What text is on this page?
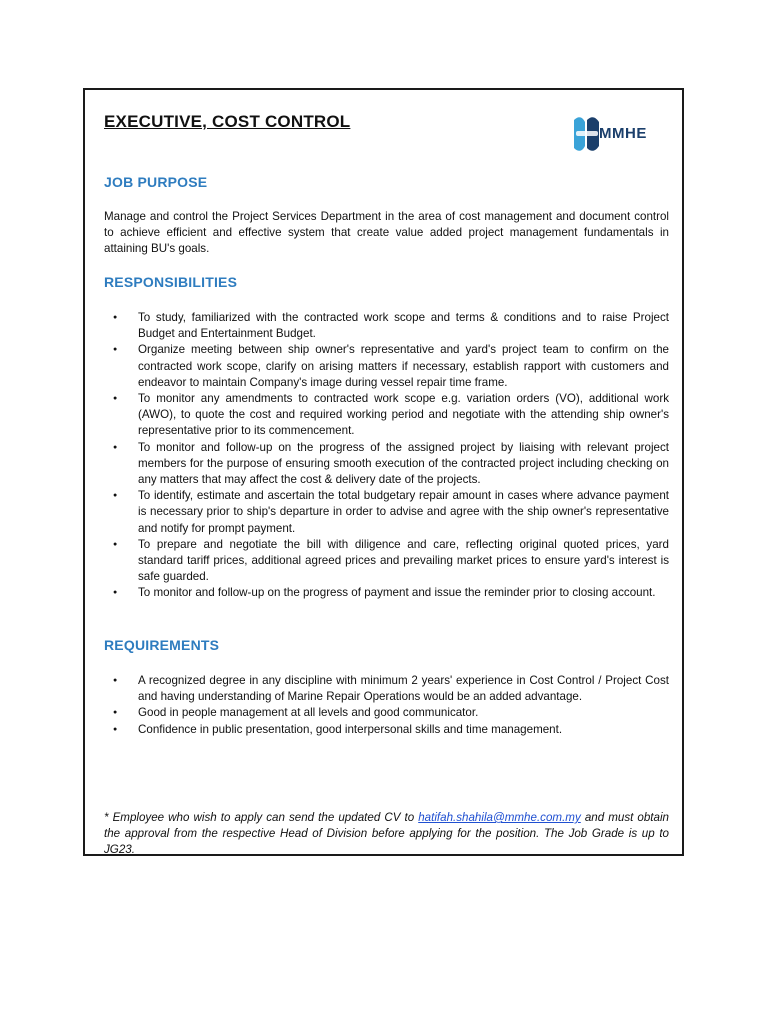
EXECUTIVE, COST CONTROL
MMHE
JOB PURPOSE

Manage and control the Project Services Department in the area of cost management and document control to achieve efficient and effective system that create value added project management fundamentals in attaining BU's goals.

RESPONSIBILITIES
● To study, familiarized with the contracted work scope and terms & conditions and to raise Project Budget and Entertainment Budget.
● Organize meeting between ship owner's representative and yard's project team to confirm on the contracted work scope, clarify on arising matters if necessary, establish rapport with customers and endeavor to maintain Company's image during vessel repair time frame.
● To monitor any amendments to contracted work scope e.g. variation orders (VO), additional work (AWO), to quote the cost and required working period and negotiate with the attending ship owner's representative prior to its commencement.
● To monitor and follow-up on the progress of the assigned project by liaising with relevant project members for the purpose of ensuring smooth execution of the contracted project including checking on any matters that may affect the cost & delivery date of the projects.
● To identify, estimate and ascertain the total budgetary repair amount in cases where advance payment is necessary prior to ship's departure in order to advise and agree with the ship owner's representative and notify for prompt payment.
● To prepare and negotiate the bill with diligence and care, reflecting original quoted prices, yard standard tariff prices, additional agreed prices and prevailing market prices to ensure yard's interest is safe guarded.
● To monitor and follow-up on the progress of payment and issue the reminder prior to closing account.
REQUIREMENTS
● A recognized degree in any discipline with minimum 2 years' experience in Cost Control / Project Cost and having understanding of Marine Repair Operations would be an added advantage.
● Good in people management at all levels and good communicator.
● Confidence in public presentation, good interpersonal skills and time management.

* Employee who wish to apply can send the updated CV to hatifah.shahila@mmhe.com.my and must obtain the approval from the respective Head of Division before applying for the position. The Job Grade is up to JG23.
